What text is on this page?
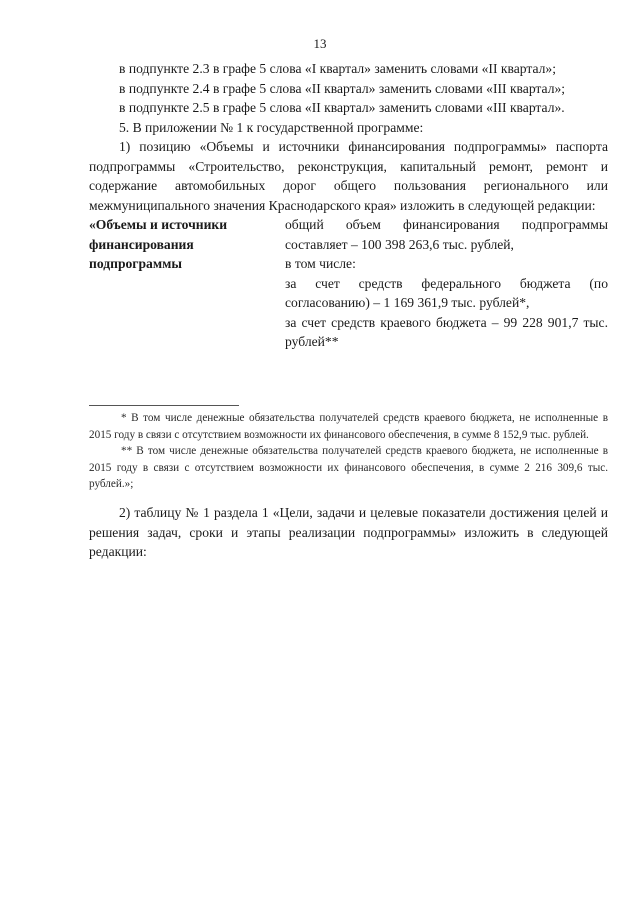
13

в подпункте 2.3 в графе 5 слова «I квартал» заменить словами «II квартал»;

в подпункте 2.4 в графе 5 слова «II квартал» заменить словами «III квартал»;

в подпункте 2.5 в графе 5 слова «II квартал» заменить словами «III квартал».

5. В приложении № 1 к государственной программе:

1) позицию «Объемы и источники финансирования подпрограммы» паспорта подпрограммы «Строительство, реконструкция, капитальный ремонт, ремонт и содержание автомобильных дорог общего пользования регионального или межмуниципального значения Краснодарского края» изложить в следующей редакции:

«Объемы и источники финансирования подпрограммы

общий объем финансирования подпрограммы составляет – 100 398 263,6 тыс. рублей,

в том числе:

за счет средств федерального бюджета (по согласованию) – 1 169 361,9 тыс. рублей*,

за счет средств краевого бюджета – 99 228 901,7 тыс. рублей**

* В том числе денежные обязательства получателей средств краевого бюджета, не исполненные в 2015 году в связи с отсутствием возможности их финансового обеспечения, в сумме 8 152,9 тыс. рублей.

** В том числе денежные обязательства получателей средств краевого бюджета, не исполненные в 2015 году в связи с отсутствием возможности их финансового обеспечения, в сумме 2 216 309,6 тыс. рублей.»;

2) таблицу № 1 раздела 1 «Цели, задачи и целевые показатели достижения целей и решения задач, сроки и этапы реализации подпрограммы» изложить в следующей редакции:
